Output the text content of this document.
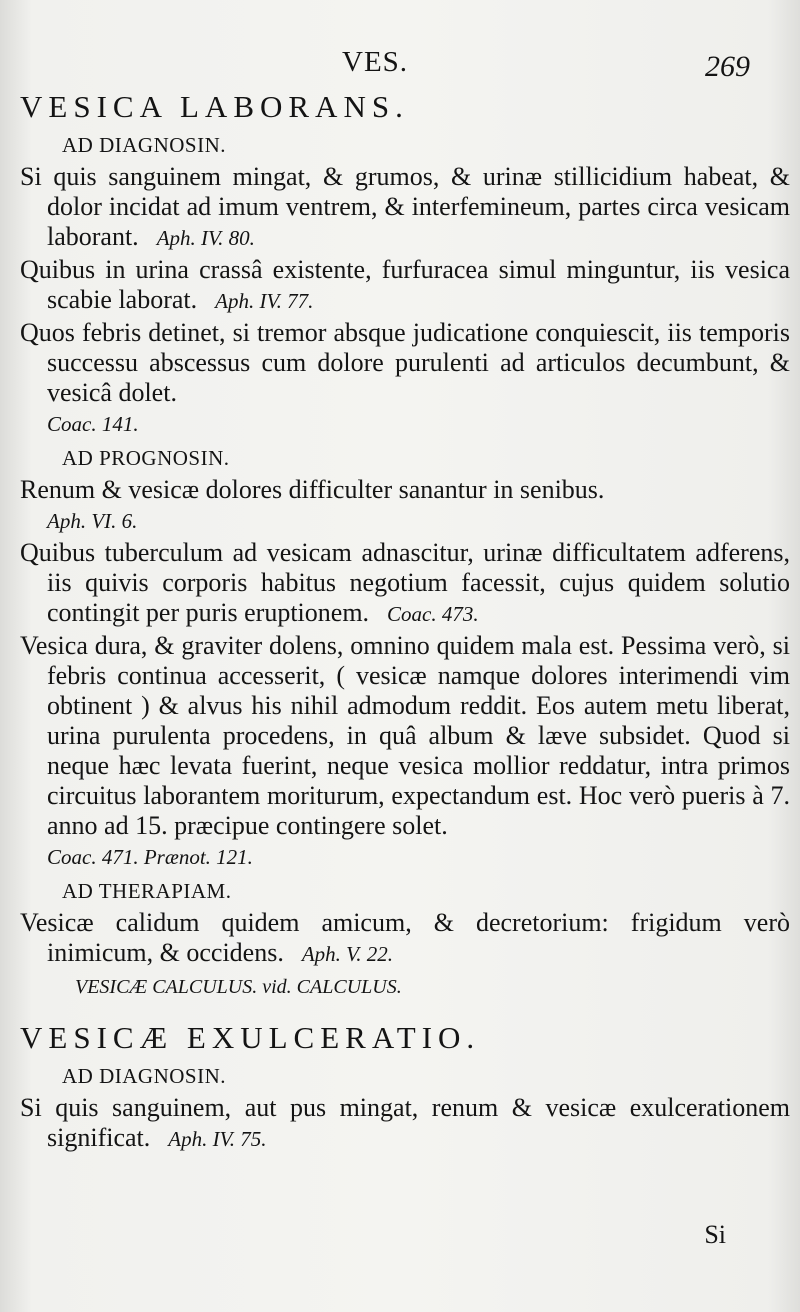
VES.	269
VESICA LABORANS.
AD DIAGNOSIN.

Si quis sanguinem mingat, & grumos, & urinæ stillicidium habeat, & dolor incidat ad imum ventrem, & interfemineum, partes circa vesicam laborant. Aph. IV. 80.

Quibus in urina crassâ existente, furfuracea simul minguntur, iis vesica scabie laborat. Aph. IV. 77.

Quos febris detinet, si tremor absque judicatione conquiescit, iis temporis successu abscessus cum dolore purulenti ad articulos decumbunt, & vesicâ dolet.
Coac. 141.

AD PROGNOSIN.

Renum & vesicæ dolores difficulter sanantur in senibus.
Aph. VI. 6.

Quibus tuberculum ad vesicam adnascitur, urinæ difficultatem adferens, iis quivis corporis habitus negotium facessit, cujus quidem solutio contingit per puris eruptionem. Coac. 473.

Vesica dura, & graviter dolens, omnino quidem mala est. Pessima verò, si febris continua accesserit, ( vesicæ namque dolores interimendi vim obtinent ) & alvus his nihil admodum reddit. Eos autem metu liberat, urina purulenta procedens, in quâ album & læve subsidet. Quod si neque hæc levata fuerint, neque vesica mollior reddatur, intra primos circuitus laborantem moriturum, expectandum est. Hoc verò pueris à 7. anno ad 15. præcipue contingere solet.
Coac. 471. Prænot. 121.

AD THERAPIAM.

Vesicæ calidum quidem amicum, & decretorium: frigidum verò inimicum, & occidens. Aph. V. 22.

VESICÆ CALCULUS. vid. CALCULUS.
VESICÆ EXULCERATIO.
AD DIAGNOSIN.

Si quis sanguinem, aut pus mingat, renum & vesicæ exulcerationem significat. Aph. IV. 75.

Si
